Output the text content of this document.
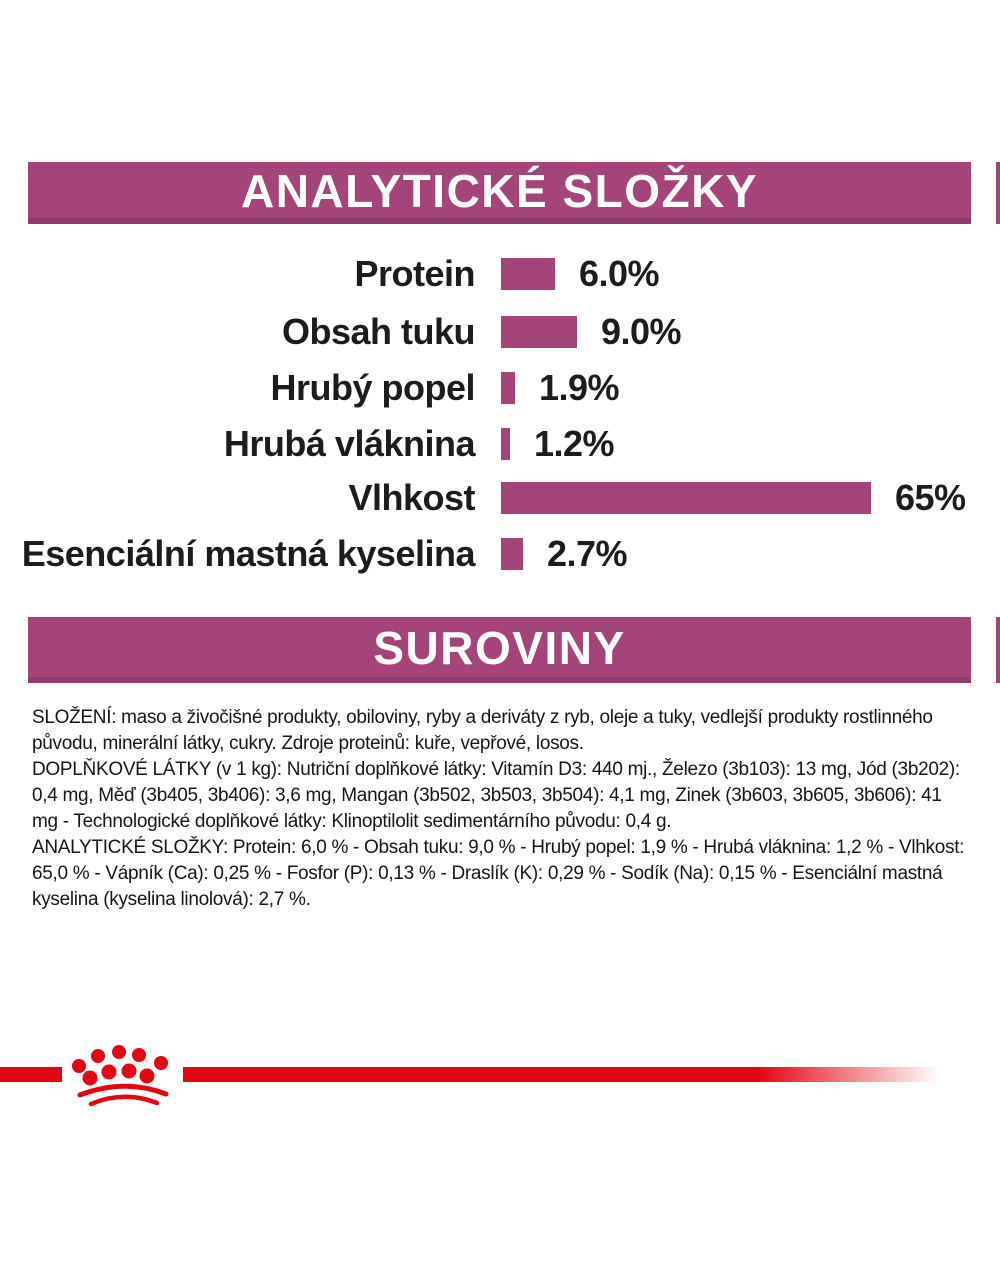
ANALYTICKÉ SLOŽKY
Protein	6.0%
Obsah tuku	9.0%
Hrubý popel	1.9%
Hrubá vláknina	1.2%
Vlhkost	65%
Esenciální mastná kyselina	2.7%
SUROVINY

SLOŽENÍ: maso a živočišné produkty, obiloviny, ryby a deriváty z ryb, oleje a tuky, vedlejší produkty rostlinného původu, minerální látky, cukry. Zdroje proteinů: kuře, vepřové, losos.

DOPLŇKOVÉ LÁTKY (v 1 kg): Nutriční doplňkové látky: Vitamín D3: 440 mj., Železo (3b103): 13 mg, Jód (3b202): 0,4 mg, Měď (3b405, 3b406): 3,6 mg, Mangan (3b502, 3b503, 3b504): 4,1 mg, Zinek (3b603, 3b605, 3b606): 41 mg - Technologické doplňkové látky: Klinoptilolit sedimentárního původu: 0,4 g.

ANALYTICKÉ SLOŽKY: Protein: 6,0 % - Obsah tuku: 9,0 % - Hrubý popel: 1,9 % - Hrubá vláknina: 1,2 % - Vlhkost: 65,0 % - Vápník (Ca): 0,25 % - Fosfor (P): 0,13 % - Draslík (K): 0,29 % - Sodík (Na): 0,15 % - Esenciální mastná kyselina (kyselina linolová): 2,7 %.
